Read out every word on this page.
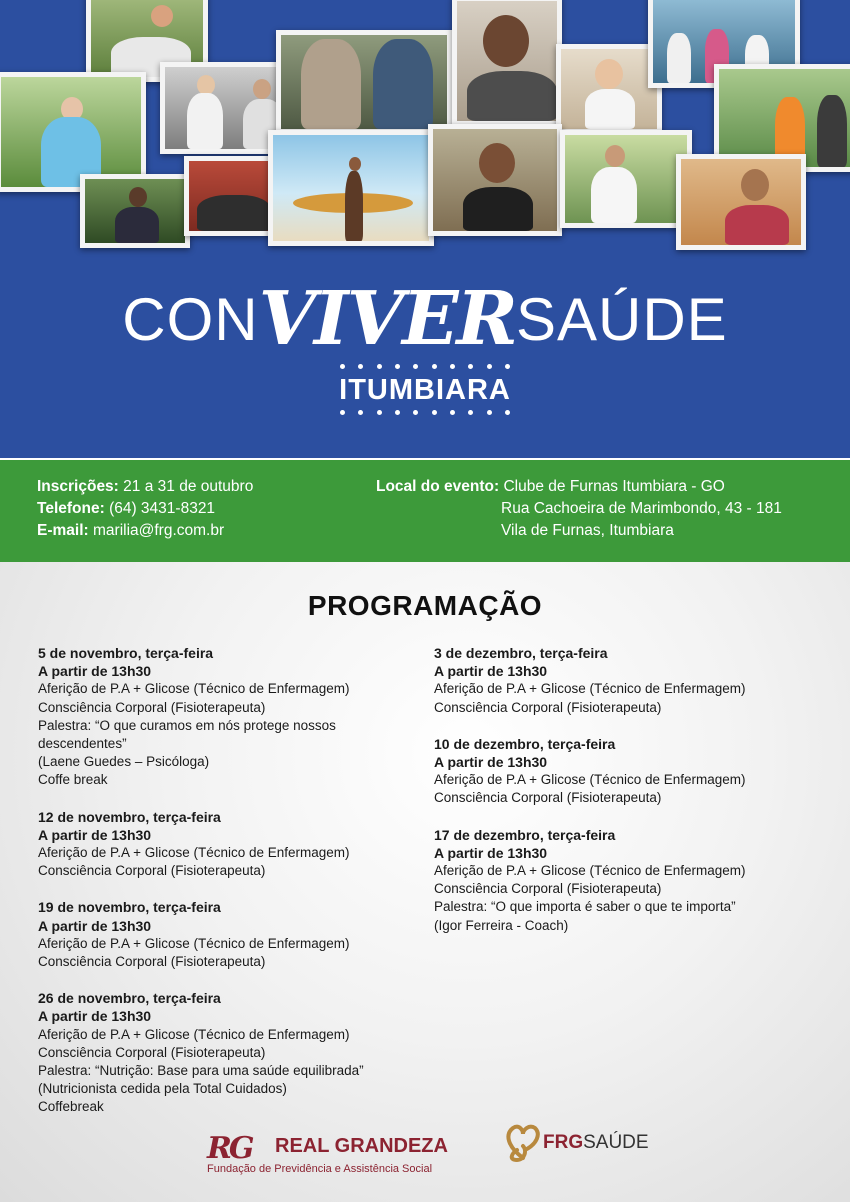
CONVIVERSAÚDE
ITUMBIARA
Inscrições: 21 a 31 de outubro
Telefone: (64) 3431-8321
E-mail: marilia@frg.com.br
Local do evento: Clube de Furnas Itumbiara - GO
Rua Cachoeira de Marimbondo, 43 - 181
Vila de Furnas, Itumbiara
PROGRAMAÇÃO
5 de novembro, terça-feira
A partir de 13h30
Aferição de P.A + Glicose (Técnico de Enfermagem)
Consciência Corporal (Fisioterapeuta)
Palestra: “O que curamos em nós protege nossos descendentes”
(Laene Guedes – Psicóloga)
Coffe break
12 de novembro, terça-feira
A partir de 13h30
Aferição de P.A + Glicose (Técnico de Enfermagem)
Consciência Corporal (Fisioterapeuta)
19 de novembro, terça-feira
A partir de 13h30
Aferição de P.A + Glicose (Técnico de Enfermagem)
Consciência Corporal (Fisioterapeuta)
26 de novembro, terça-feira
A partir de 13h30
Aferição de P.A + Glicose (Técnico de Enfermagem)
Consciência Corporal (Fisioterapeuta)
Palestra: “Nutrição: Base para uma saúde equilibrada”
(Nutricionista cedida pela Total Cuidados)
Coffebreak
3 de dezembro, terça-feira
A partir de 13h30
Aferição de P.A + Glicose (Técnico de Enfermagem)
Consciência Corporal (Fisioterapeuta)
10 de dezembro, terça-feira
A partir de 13h30
Aferição de P.A + Glicose (Técnico de Enfermagem)
Consciência Corporal (Fisioterapeuta)
17 de dezembro, terça-feira
A partir de 13h30
Aferição de P.A + Glicose (Técnico de Enfermagem)
Consciência Corporal (Fisioterapeuta)
Palestra: “O que importa é saber o que te importa”
(Igor Ferreira - Coach)
RG REAL GRANDEZA
Fundação de Previdência e Assistência Social
FRGSAÚDE
